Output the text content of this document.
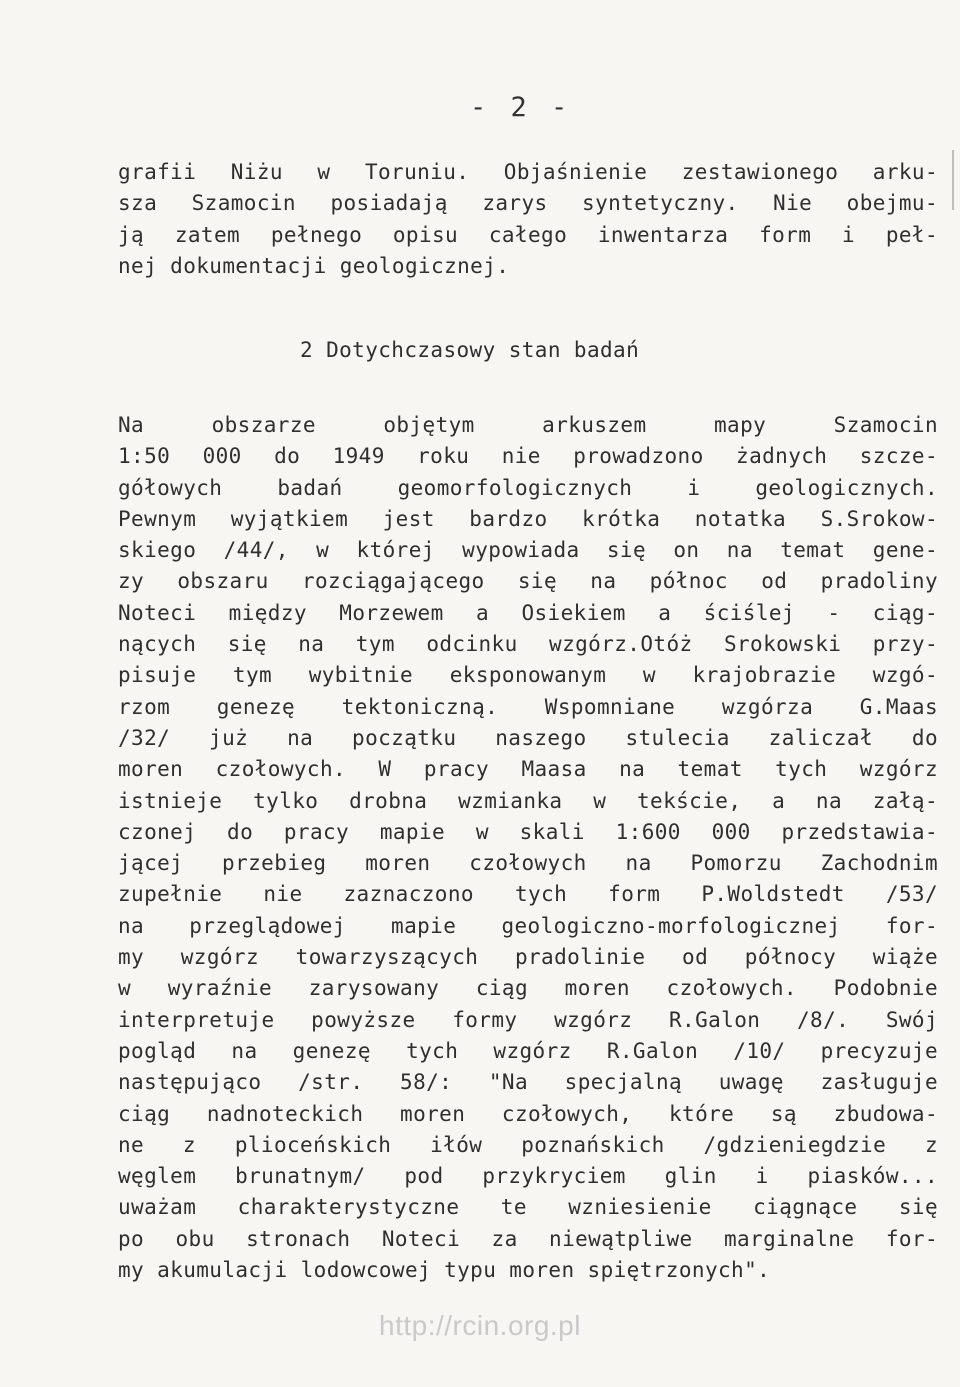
- 2 -
grafii Niżu w Toruniu. Objaśnienie zestawionego arku-
sza Szamocin posiadają zarys syntetyczny. Nie obejmu-
ją zatem pełnego opisu całego inwentarza form i peł-
nej dokumentacji geologicznej.
2 Dotychczasowy stan badań
Na obszarze objętym arkuszem mapy Szamocin
1:50 000 do 1949 roku nie prowadzono żadnych szcze-
gółowych badań geomorfologicznych i geologicznych.
Pewnym wyjątkiem jest bardzo krótka notatka S.Srokow-
skiego /44/, w której wypowiada się on na temat gene-
zy obszaru rozciągającego się na północ od pradoliny
Noteci między Morzewem a Osiekiem a ściślej - ciąg-
nących się na tym odcinku wzgórz.Otóż Srokowski przy-
pisuje tym wybitnie eksponowanym w krajobrazie wzgó-
rzom genezę tektoniczną. Wspomniane wzgórza G.Maas
/32/ już na początku naszego stulecia zaliczał do
moren czołowych. W pracy Maasa na temat tych wzgórz
istnieje tylko drobna wzmianka w tekście, a na załą-
czonej do pracy mapie w skali 1:600 000 przedstawia-
jącej przebieg moren czołowych na Pomorzu Zachodnim
zupełnie nie zaznaczono tych form P.Woldstedt /53/
na przeglądowej mapie geologiczno-morfologicznej for-
my wzgórz towarzyszących pradolinie od północy wiąże
w wyraźnie zarysowany ciąg moren czołowych. Podobnie
interpretuje powyższe formy wzgórz R.Galon /8/. Swój
pogląd na genezę tych wzgórz R.Galon /10/ precyzuje
następująco /str. 58/: "Na specjalną uwagę zasługuje
ciąg nadnoteckich moren czołowych, które są zbudowa-
ne z plioceńskich iłów poznańskich /gdzieniegdzie z
węglem brunatnym/ pod przykryciem glin i piasków...
uważam charakterystyczne te wzniesienie ciągnące się
po obu stronach Noteci za niewątpliwe marginalne for-
my akumulacji lodowcowej typu moren spiętrzonych".
http://rcin.org.pl
